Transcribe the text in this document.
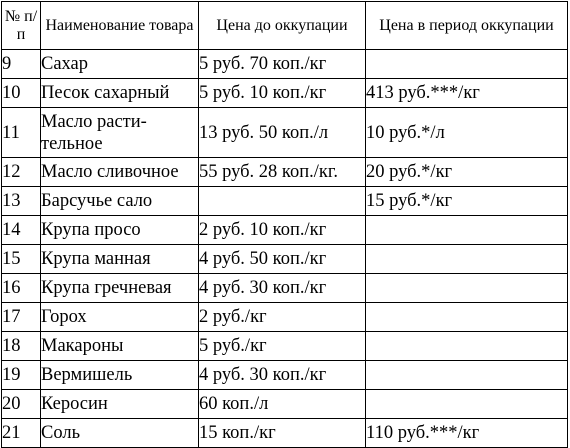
№ п/п	Наименование товара	Цена до оккупации	Цена в период оккупации
9	Сахар	5 руб. 70 коп./кг	
10	Песок сахарный	5 руб. 10 коп./кг	413 руб.***/кг
11	Масло расти-тельное	13 руб. 50 коп./л	10 руб.*/л
12	Масло сливочное	55 руб. 28 коп./кг.	20 руб.*/кг
13	Барсучье сало		15 руб.*/кг
14	Крупа просо	2 руб. 10 коп./кг	
15	Крупа манная	4 руб. 50 коп./кг	
16	Крупа гречневая	4 руб. 30 коп./кг	
17	Горох	2 руб./кг	
18	Макароны	5 руб./кг	
19	Вермишель	4 руб. 30 коп./кг	
20	Керосин	60 коп./л	
21	Соль	15 коп./кг	110 руб.***/кг
